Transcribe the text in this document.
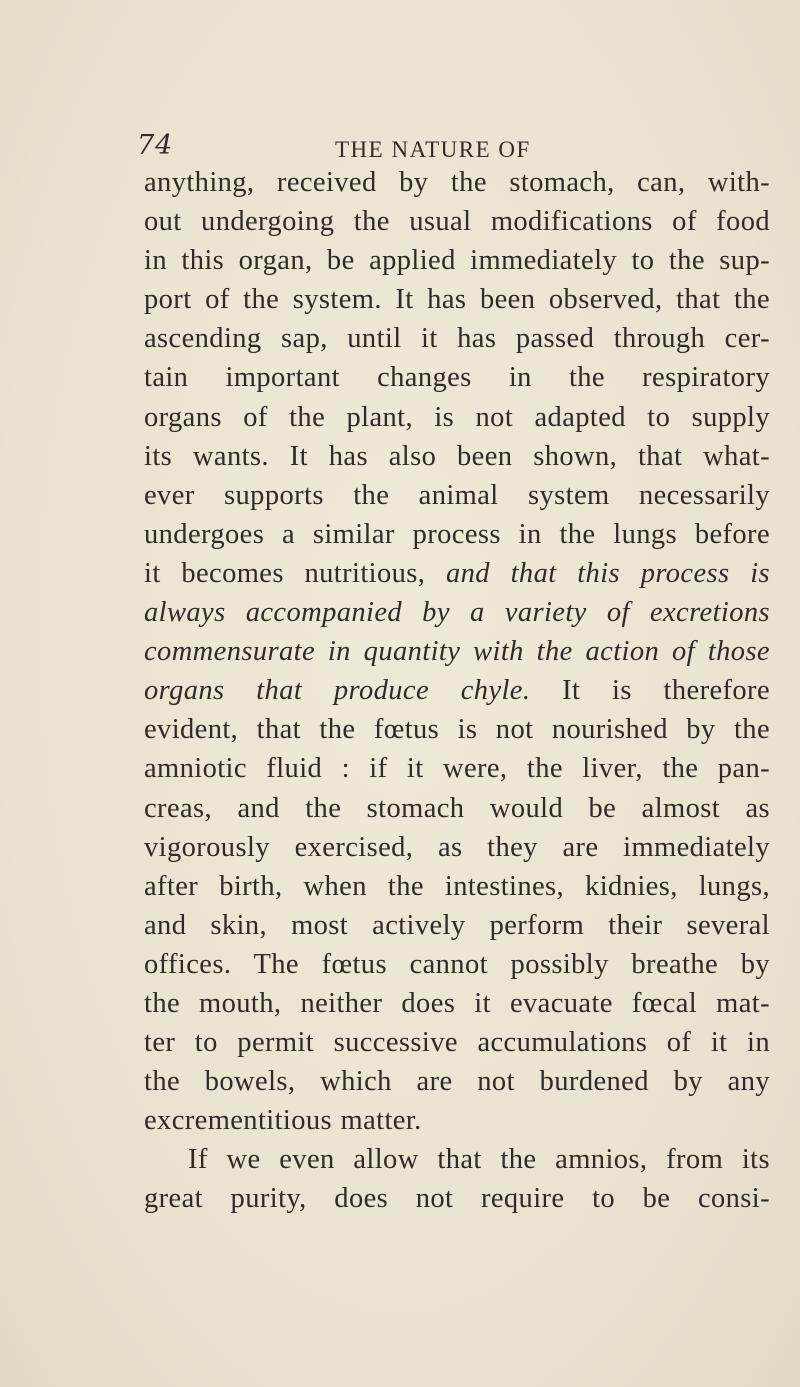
74	THE NATURE OF
anything, received by the stomach, can, with-
out undergoing the usual modifications of food
in this organ, be applied immediately to the sup-
port of the system. It has been observed, that the
ascending sap, until it has passed through cer-
tain important changes in the respiratory
organs of the plant, is not adapted to supply
its wants. It has also been shown, that what-
ever supports the animal system necessarily
undergoes a similar process in the lungs before
it becomes nutritious, and that this process is
always accompanied by a variety of excretions
commensurate in quantity with the action of those
organs that produce chyle. It is therefore
evident, that the fœtus is not nourished by the
amniotic fluid : if it were, the liver, the pan-
creas, and the stomach would be almost as
vigorously exercised, as they are immediately
after birth, when the intestines, kidnies, lungs,
and skin, most actively perform their several
offices. The fœtus cannot possibly breathe by
the mouth, neither does it evacuate fœcal mat-
ter to permit successive accumulations of it in
the bowels, which are not burdened by any
excrementitious matter.
If we even allow that the amnios, from its
great purity, does not require to be consi-
